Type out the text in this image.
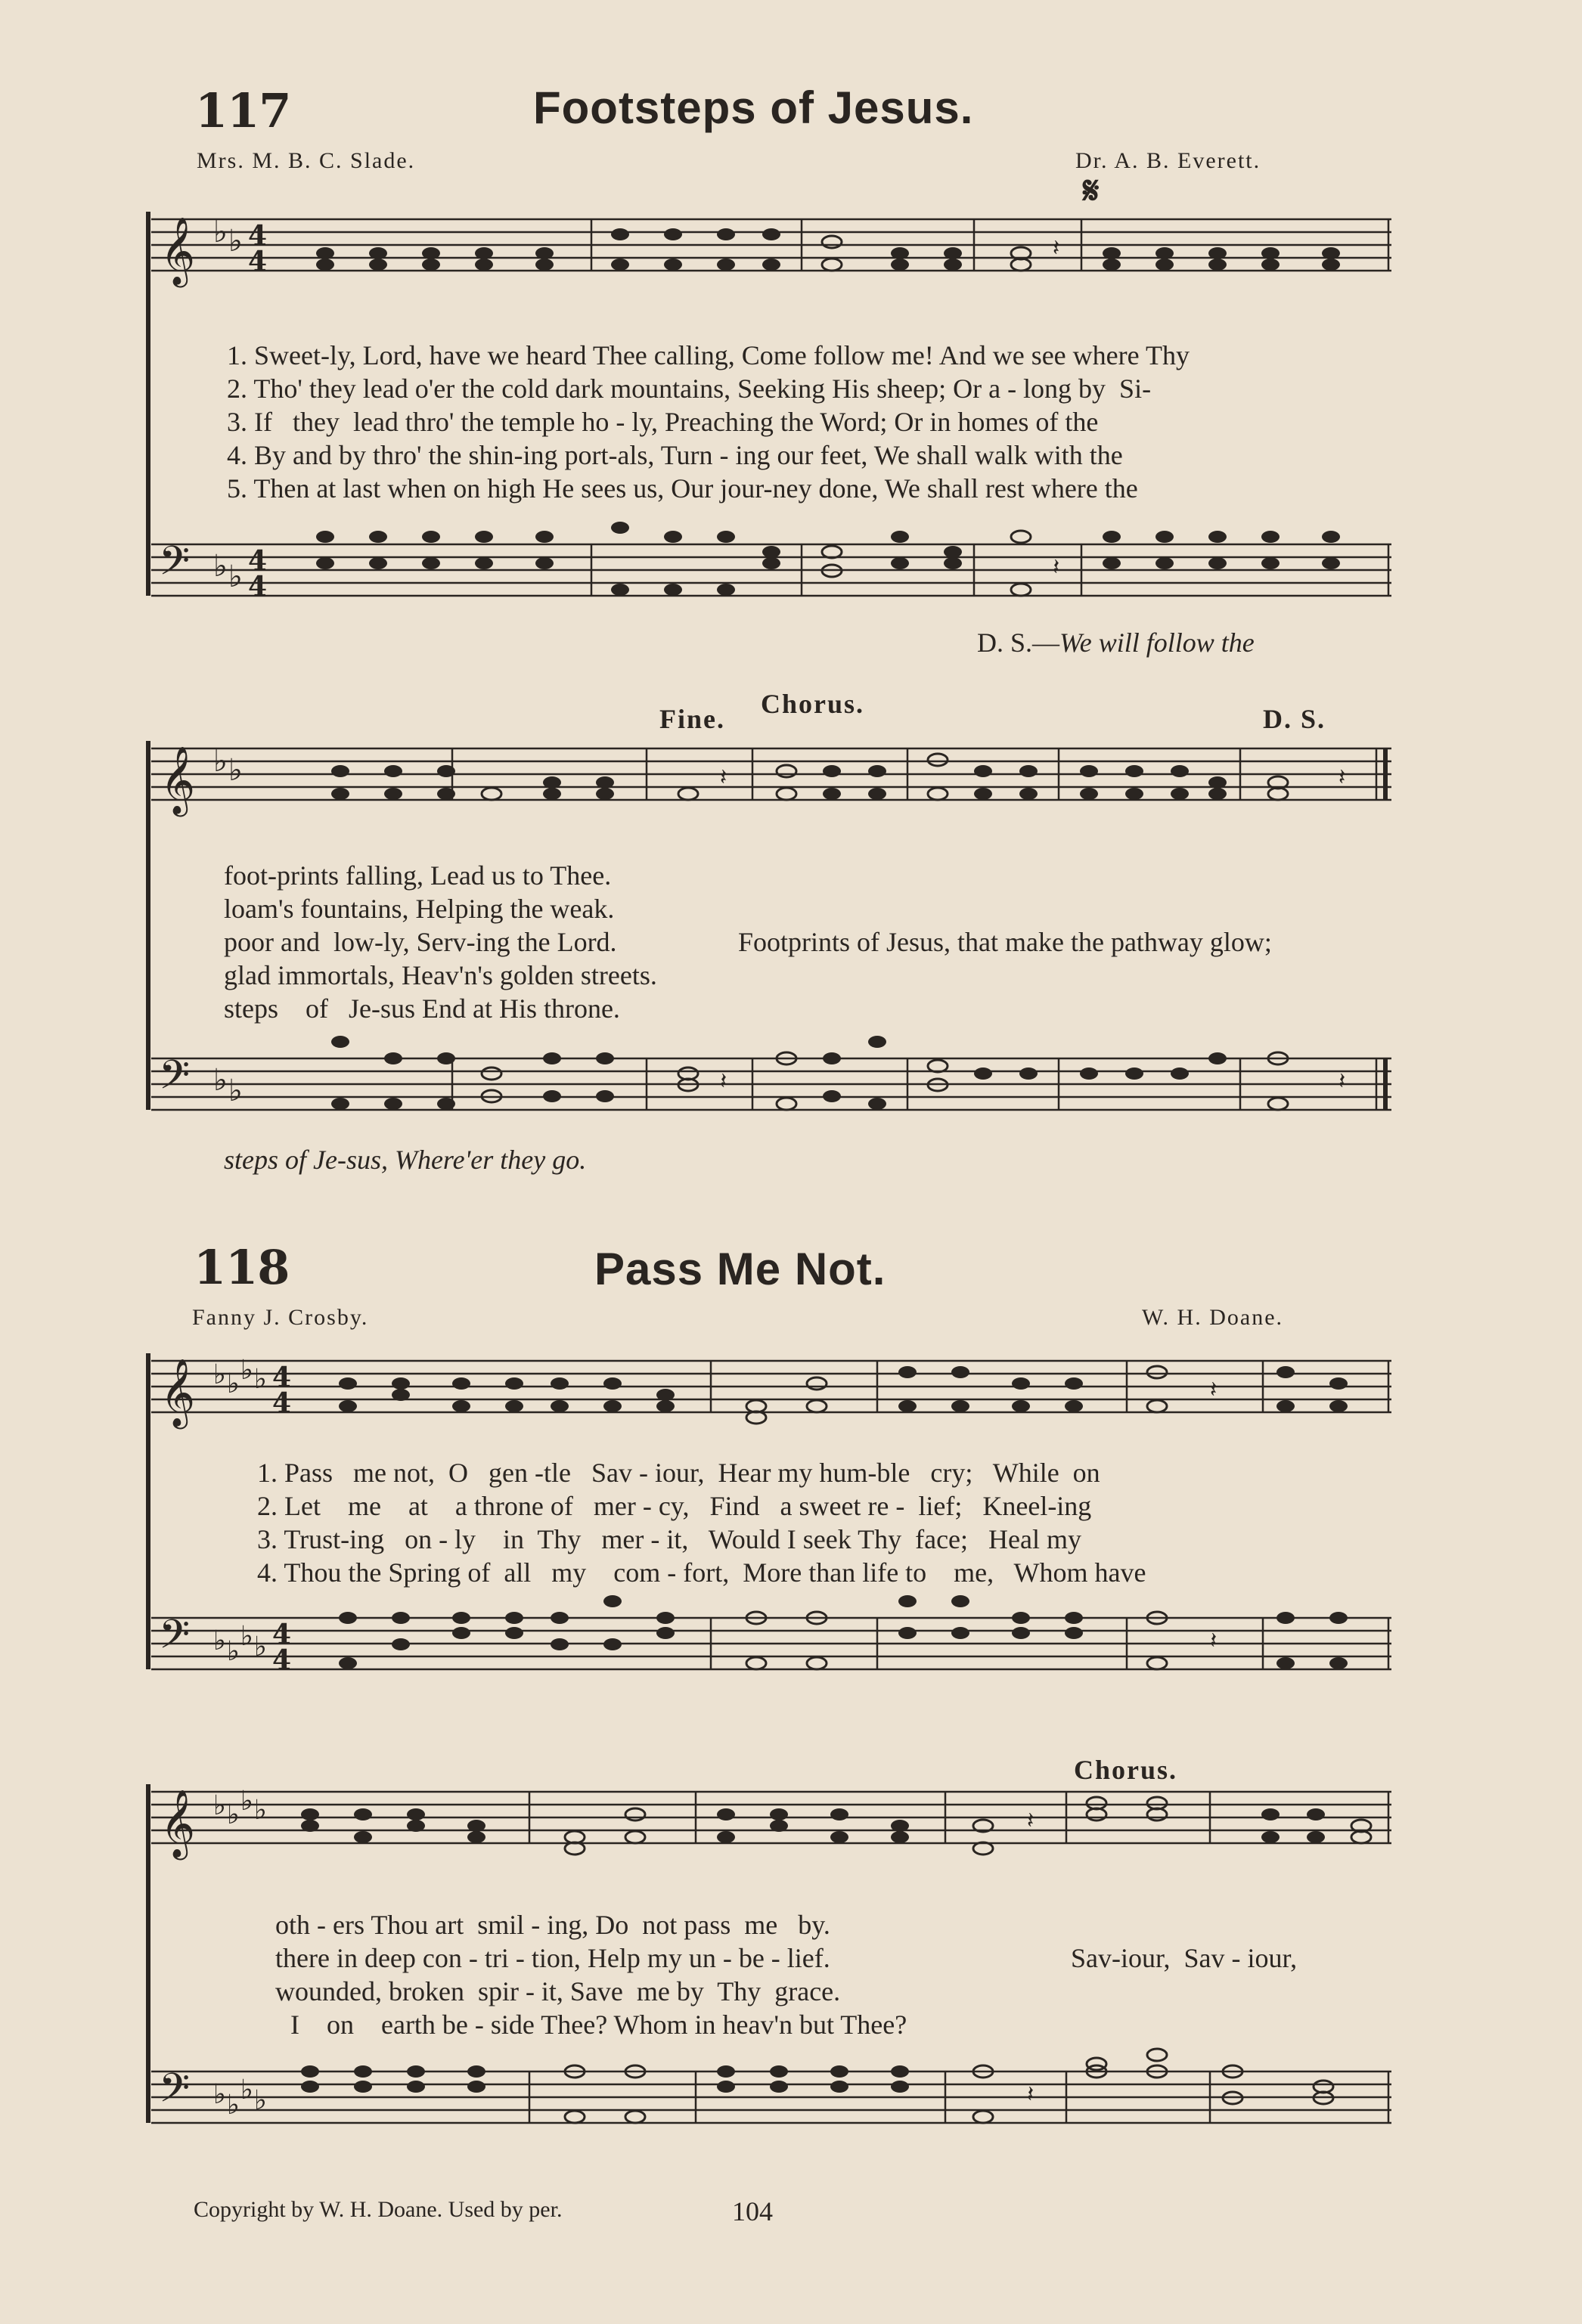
117	Footsteps of Jesus.
Mrs. M. B. C. Slade.	Dr. A. B. Everett.
𝄋
𝄞 ♭ ♭ 4
4	𝄽
1. Sweet-ly, Lord, have we heard Thee calling, Come follow me! And we see where Thy
2. Tho' they lead o'er the cold dark mountains, Seeking His sheep; Or a - long by  Si-
3. If   they  lead thro' the temple ho - ly, Preaching the Word; Or in homes of the
4. By and by thro' the shin-ing port-als, Turn - ing our feet, We shall walk with the
5. Then at last when on high He sees us, Our jour-ney done, We shall rest where the
𝄢 ♭ ♭ 4
4
𝄽
D. S.—We will follow the
Fine. Chorus.	D. S.
𝄞 ♭ ♭	𝄽	𝄽
foot-prints falling, Lead us to Thee.
loam's fountains, Helping the weak.
poor and  low-ly, Serv-ing the Lord.
glad immortals, Heav'n's golden streets.
steps    of   Je-sus End at His throne.
Footprints of Jesus, that make the pathway glow;
𝄢 ♭ ♭	𝄽	𝄽
steps of Je-sus, Where'er they go.
118	Pass Me Not.
Fanny J. Crosby.	W. H. Doane.
𝄞 ♭ ♭ ♭ ♭ 4
4	𝄽
1. Pass   me not,  O   gen -tle   Sav - iour,  Hear my hum-ble   cry;   While  on
2. Let    me    at    a throne of   mer - cy,   Find   a sweet re -  lief;   Kneel-ing
3. Trust-ing   on - ly    in  Thy   mer - it,   Would I seek Thy  face;   Heal my
4. Thou the Spring of  all   my    com - fort,  More than life to    me,   Whom have
𝄢 ♭ ♭ ♭ ♭ 4
4
𝄽
Chorus.
𝄞 ♭ ♭ ♭ ♭	𝄽
oth - ers Thou art  smil - ing, Do  not pass  me   by.
there in deep con - tri - tion, Help my un - be - lief.
wounded, broken  spir - it, Save  me by  Thy  grace.
I    on    earth be - side Thee? Whom in heav'n but Thee?
Sav-iour,  Sav - iour,
𝄢 ♭ ♭ ♭ ♭	𝄽
Copyright by W. H. Doane. Used by per.	104
